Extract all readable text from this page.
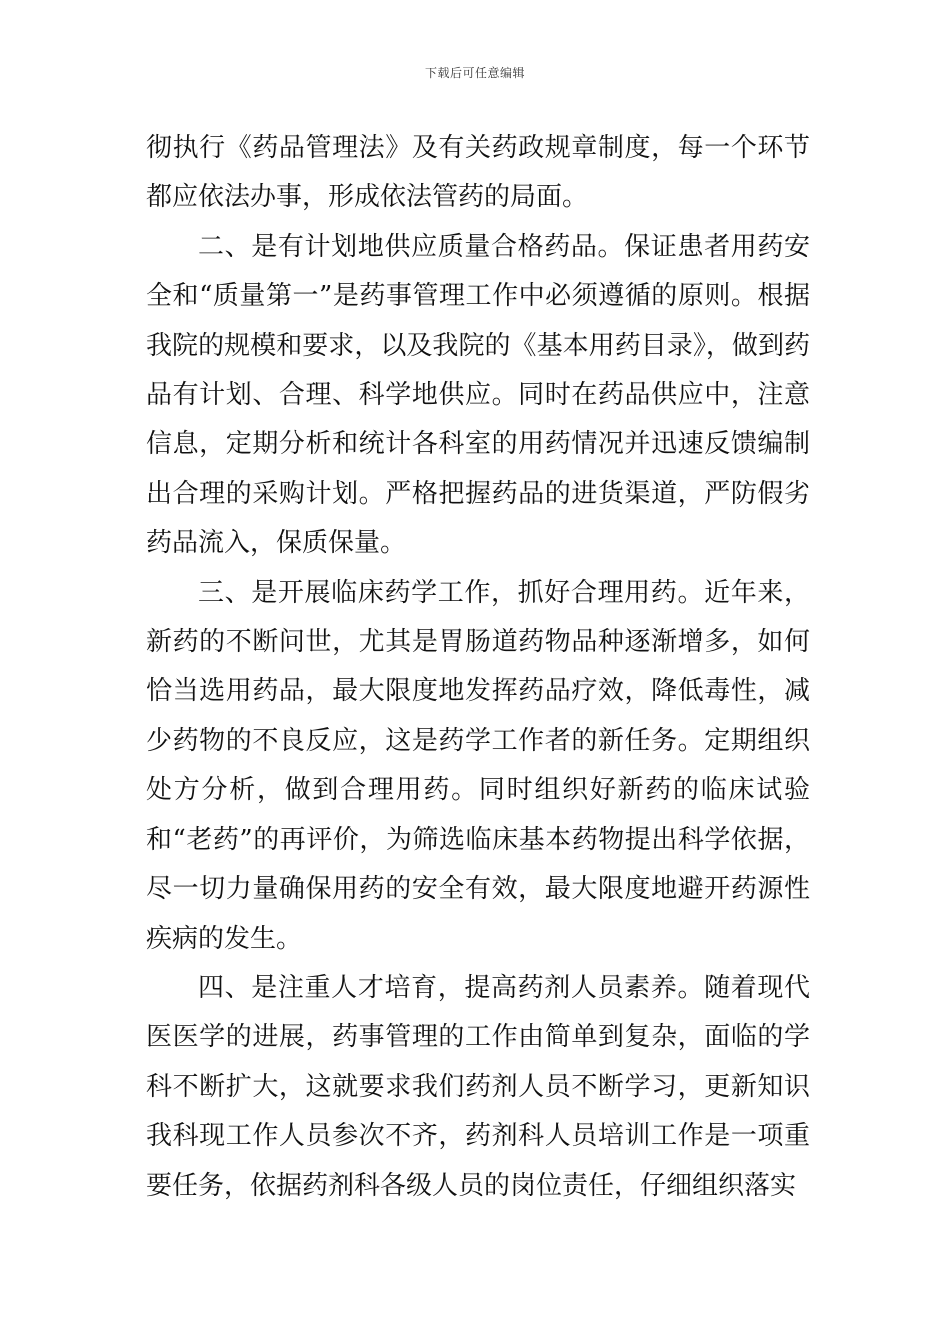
下载后可任意编辑

彻执行《药品管理法》及有关药政规章制度，每一个环节都应依法办事，形成依法管药的局面。

二、是有计划地供应质量合格药品。保证患者用药安全和“质量第一”是药事管理工作中必须遵循的原则。根据我院的规模和要求，以及我院的《基本用药目录》，做到药品有计划、合理、科学地供应。同时在药品供应中，注意信息，定期分析和统计各科室的用药情况并迅速反馈编制出合理的采购计划。严格把握药品的进货渠道，严防假劣药品流入，保质保量。

三、是开展临床药学工作，抓好合理用药。近年来，新药的不断问世，尤其是胃肠道药物品种逐渐增多，如何恰当选用药品，最大限度地发挥药品疗效，降低毒性，减少药物的不良反应，这是药学工作者的新任务。定期组织处方分析，做到合理用药。同时组织好新药的临床试验和“老药”的再评价，为筛选临床基本药物提出科学依据，尽一切力量确保用药的安全有效，最大限度地避开药源性疾病的发生。

四、是注重人才培育，提高药剂人员素养。随着现代医医学的进展，药事管理的工作由简单到复杂，面临的学科不断扩大，这就要求我们药剂人员不断学习，更新知识我科现工作人员参次不齐，药剂科人员培训工作是一项重要任务，依据药剂科各级人员的岗位责任，仔细组织落实
